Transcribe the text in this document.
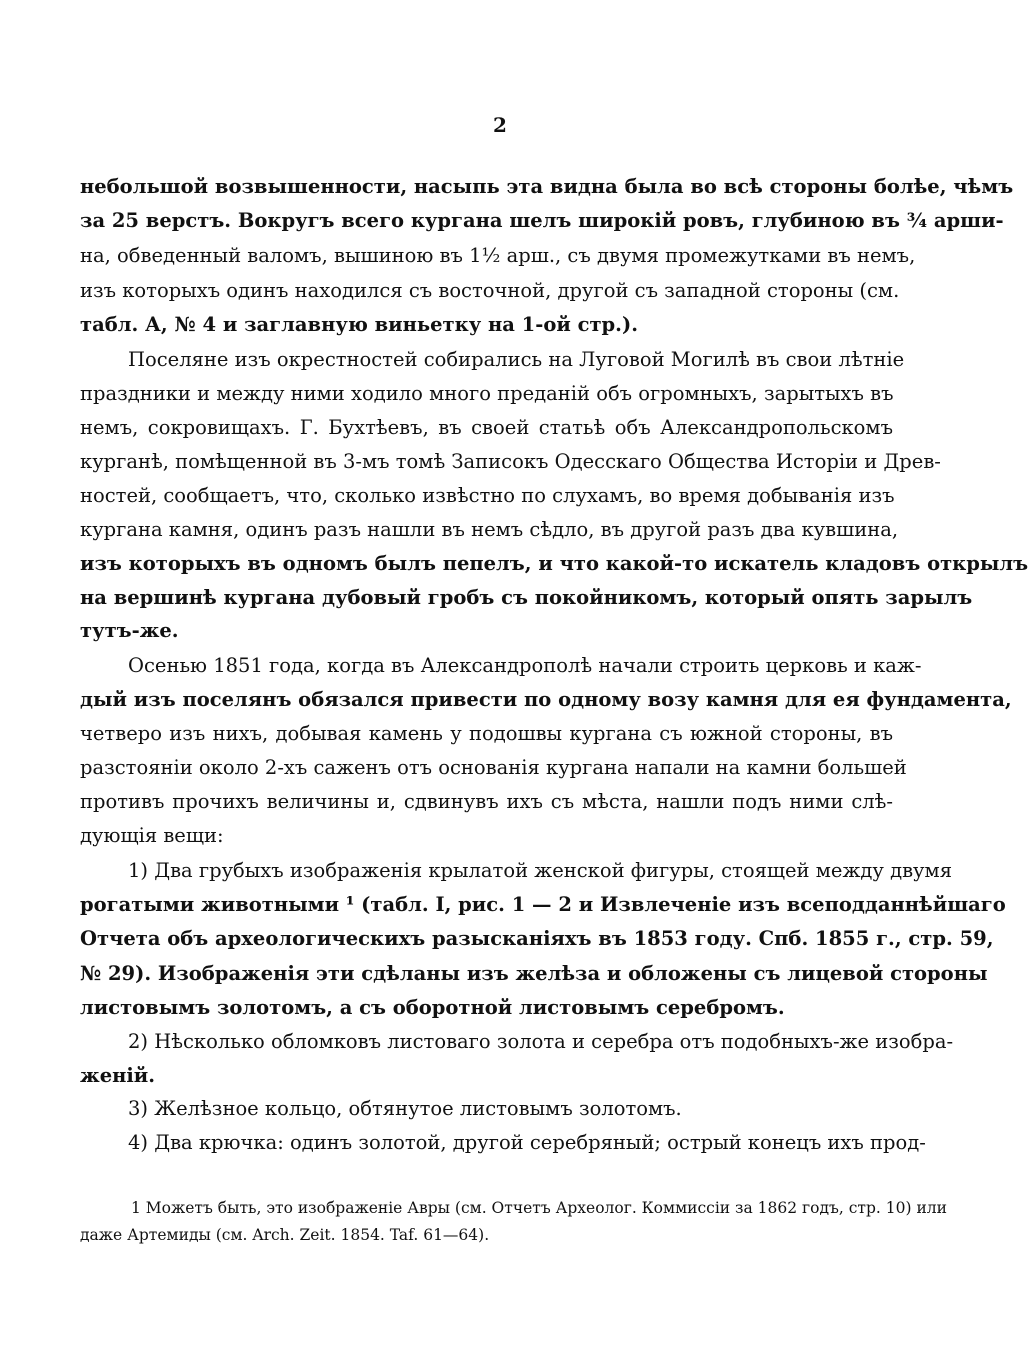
2
небольшой возвышенности, насыпь эта видна была во всѣ стороны болѣе, чѣмъ
за 25 верстъ. Вокругъ всего кургана шелъ широкій ровъ, глубиною въ ¾ арши-
на, обведенный валомъ, вышиною въ 1½ арш., съ двумя промежутками въ немъ,
изъ которыхъ одинъ находился съ восточной, другой съ западной стороны (см.
табл. А, № 4 и заглавную виньетку на 1-ой стр.).
Поселяне изъ окрестностей собирались на Луговой Могилѣ въ свои лѣтніе
праздники и между ними ходило много преданій объ огромныхъ, зарытыхъ въ
немъ, сокровищахъ. Г. Бухтѣевъ, въ своей статьѣ объ Александропольскомъ
курганѣ, помѣщенной въ 3-мъ томѣ Записокъ Одесскаго Общества Исторіи и Древ-
ностей, сообщаетъ, что, сколько извѣстно по слухамъ, во время добыванія изъ
кургана камня, одинъ разъ нашли въ немъ сѣдло, въ другой разъ два кувшина,
изъ которыхъ въ одномъ былъ пепелъ, и что какой-то искатель кладовъ открылъ
на вершинѣ кургана дубовый гробъ съ покойникомъ, который опять зарылъ
тутъ-же.
Осенью 1851 года, когда въ Александрополѣ начали строить церковь и каж-
дый изъ поселянъ обязался привести по одному возу камня для ея фундамента,
четверо изъ нихъ, добывая камень у подошвы кургана съ южной стороны, въ
разстояніи около 2-хъ саженъ отъ основанія кургана напали на камни большей
противъ прочихъ величины и, сдвинувъ ихъ съ мѣста, нашли подъ ними слѣ-
дующія вещи:
1) Два грубыхъ изображенія крылатой женской фигуры, стоящей между двумя
рогатыми животными ¹ (табл. I, рис. 1 — 2 и Извлеченіе изъ всеподданнѣйшаго
Отчета объ археологическихъ разысканіяхъ въ 1853 году. Спб. 1855 г., стр. 59,
№ 29). Изображенія эти сдѣланы изъ желѣза и обложены съ лицевой стороны
листовымъ золотомъ, а съ оборотной листовымъ серебромъ.
2) Нѣсколько обломковъ листоваго золота и серебра отъ подобныхъ-же изобра-
женій.
3) Желѣзное кольцо, обтянутое листовымъ золотомъ.
4) Два крючка: одинъ золотой, другой серебряный; острый конецъ ихъ прод-
1 Можетъ быть, это изображеніе Авры (см. Отчетъ Археолог. Коммиссіи за 1862 годъ, стр. 10) или
даже Артемиды (см. Arch. Zeit. 1854. Taf. 61—64).
